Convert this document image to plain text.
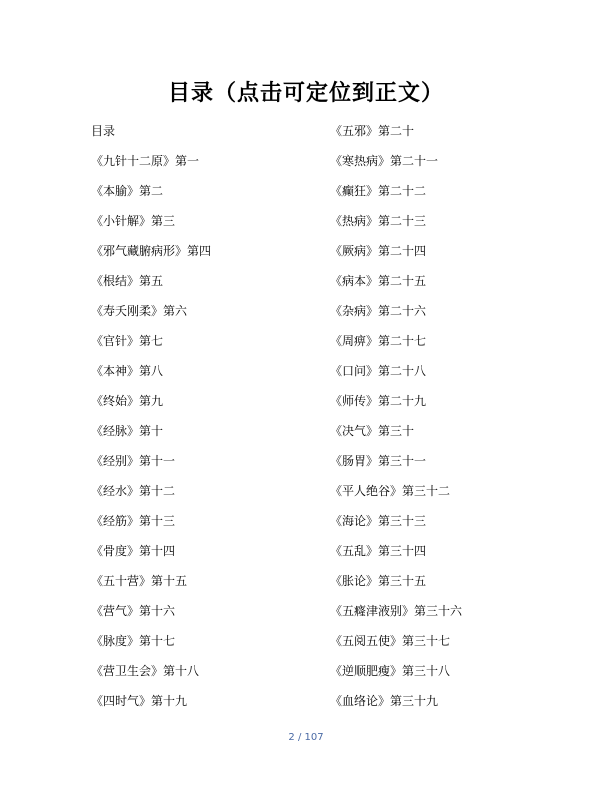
目录（点击可定位到正文）
目录
《九针十二原》第一
《本腧》第二
《小针解》第三
《邪气藏腑病形》第四
《根结》第五
《寿夭刚柔》第六
《官针》第七
《本神》第八
《终始》第九
《经脉》第十
《经别》第十一
《经水》第十二
《经筋》第十三
《骨度》第十四
《五十营》第十五
《营气》第十六
《脉度》第十七
《营卫生会》第十八
《四时气》第十九
《五邪》第二十
《寒热病》第二十一
《癫狂》第二十二
《热病》第二十三
《厥病》第二十四
《病本》第二十五
《杂病》第二十六
《周痹》第二十七
《口问》第二十八
《师传》第二十九
《决气》第三十
《肠胃》第三十一
《平人绝谷》第三十二
《海论》第三十三
《五乱》第三十四
《胀论》第三十五
《五癃津液别》第三十六
《五阅五使》第三十七
《逆顺肥瘦》第三十八
《血络论》第三十九
2 / 107
